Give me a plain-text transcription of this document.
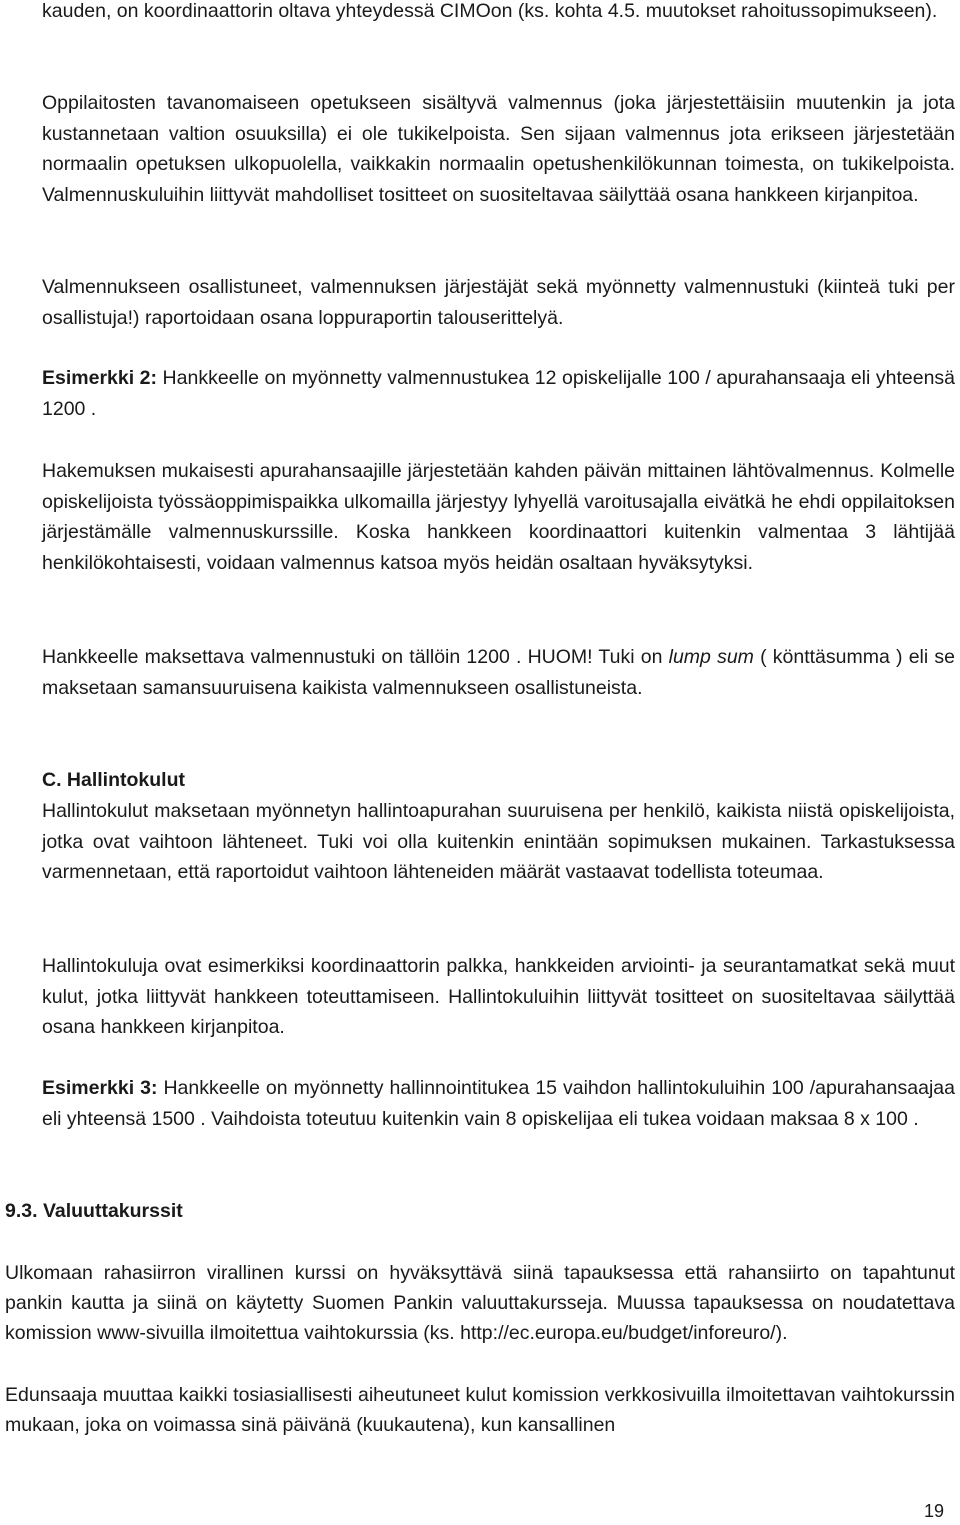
kauden, on koordinaattorin oltava yhteydessä CIMOon (ks. kohta 4.5. muutokset rahoitussopimukseen).

Oppilaitosten tavanomaiseen opetukseen sisältyvä valmennus (joka järjestettäisiin muutenkin ja jota kustannetaan valtion osuuksilla) ei ole tukikelpoista. Sen sijaan valmennus jota erikseen järjestetään normaalin opetuksen ulkopuolella, vaikkakin normaalin opetushenkilökunnan toimesta, on tukikelpoista. Valmennuskuluihin liittyvät mahdolliset tositteet on suositeltavaa säilyttää osana hankkeen kirjanpitoa.

Valmennukseen osallistuneet, valmennuksen järjestäjät sekä myönnetty valmennustuki (kiinteä tuki per osallistuja!) raportoidaan osana loppuraportin talouserittelyä.

Esimerkki 2: Hankkeelle on myönnetty valmennustukea 12 opiskelijalle 100 / apurahansaaja eli yhteensä 1200 .

Hakemuksen mukaisesti apurahansaajille järjestetään kahden päivän mittainen lähtövalmennus. Kolmelle opiskelijoista työssäoppimispaikka ulkomailla järjestyy lyhyellä varoitusajalla eivätkä he ehdi oppilaitoksen järjestämälle valmennuskurssille. Koska hankkeen koordinaattori kuitenkin valmentaa 3 lähtijää henkilökohtaisesti, voidaan valmennus katsoa myös heidän osaltaan hyväksytyksi.

Hankkeelle maksettava valmennustuki on tällöin 1200 . HUOM! Tuki on lump sum ( könttäsumma ) eli se maksetaan samansuuruisena kaikista valmennukseen osallistuneista.

C. Hallintokulut

Hallintokulut maksetaan myönnetyn hallintoapurahan suuruisena per henkilö, kaikista niistä opiskelijoista, jotka ovat vaihtoon lähteneet. Tuki voi olla kuitenkin enintään sopimuksen mukainen. Tarkastuksessa varmennetaan, että raportoidut vaihtoon lähteneiden määrät vastaavat todellista toteumaa.

Hallintokuluja ovat esimerkiksi koordinaattorin palkka, hankkeiden arviointi- ja seurantamatkat sekä muut kulut, jotka liittyvät hankkeen toteuttamiseen. Hallintokuluihin liittyvät tositteet on suositeltavaa säilyttää osana hankkeen kirjanpitoa.

Esimerkki 3: Hankkeelle on myönnetty hallinnointitukea 15 vaihdon hallintokuluihin 100 /apurahansaajaa eli yhteensä 1500 . Vaihdoista toteutuu kuitenkin vain 8 opiskelijaa eli tukea voidaan maksaa 8 x 100 .

9.3. Valuuttakurssit

Ulkomaan rahasiirron virallinen kurssi on hyväksyttävä siinä tapauksessa että rahansiirto on tapahtunut pankin kautta ja siinä on käytetty Suomen Pankin valuuttakursseja. Muussa tapauksessa on noudatettava komission www-sivuilla ilmoitettua vaihtokurssia (ks. http://ec.europa.eu/budget/inforeuro/).

Edunsaaja muuttaa kaikki tosiasiallisesti aiheutuneet kulut komission verkkosivuilla ilmoitettavan vaihtokurssin mukaan, joka on voimassa sinä päivänä (kuukautena), kun kansallinen

19
